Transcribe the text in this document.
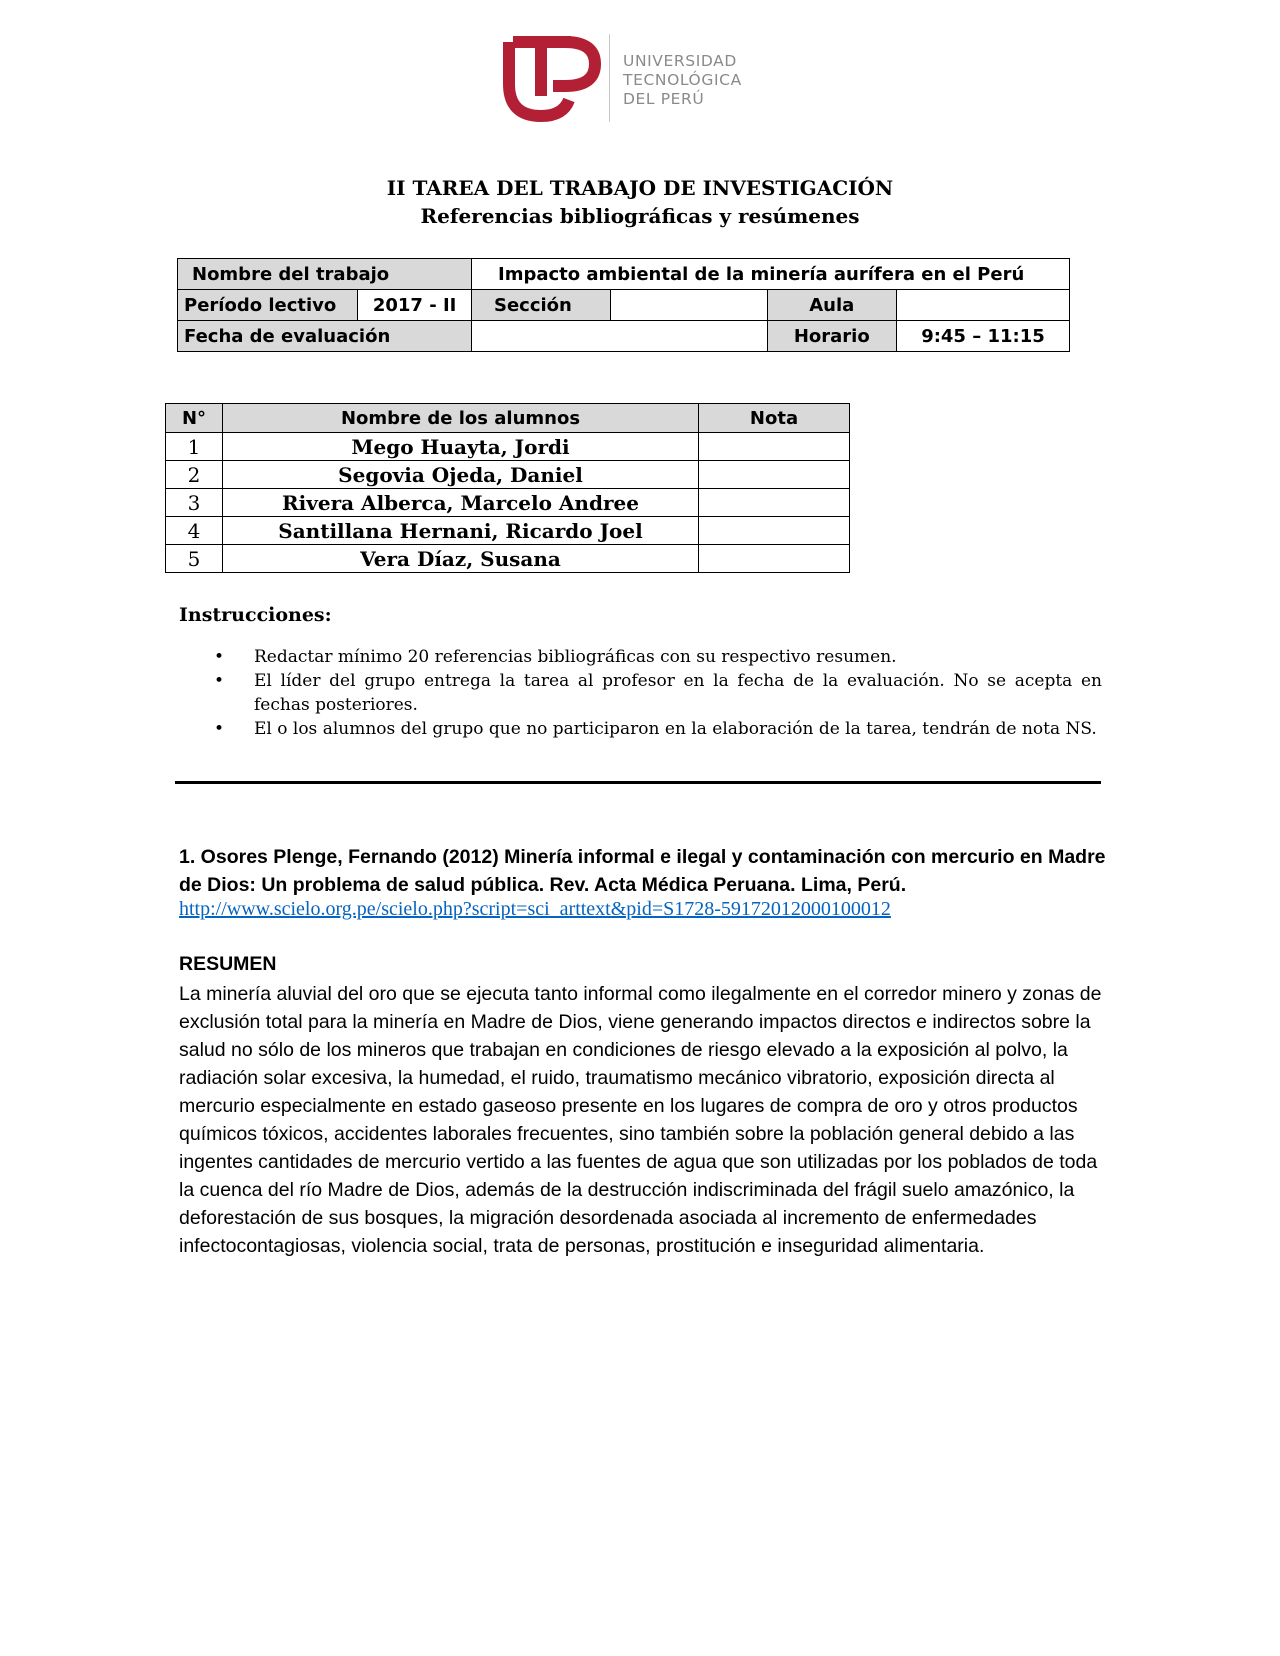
UNIVERSIDAD
TECNOLÓGICA
DEL PERÚ
II TAREA DEL TRABAJO DE INVESTIGACIÓN
Referencias bibliográficas y resúmenes
Nombre del trabajo		Impacto ambiental de la minería aurífera en el Perú			
Período lectivo	2017 - II	Sección		Aula	
Fecha de evaluación				Horario	9:45 – 11:15
N°	Nombre de los alumnos	Nota
1	Mego Huayta, Jordi	
2	Segovia Ojeda, Daniel	
3	Rivera Alberca, Marcelo Andree	
4	Santillana Hernani, Ricardo Joel	
5	Vera Díaz, Susana	
Instrucciones:
• Redactar mínimo 20 referencias bibliográficas con su respectivo resumen.
• El líder del grupo entrega la tarea al profesor en la fecha de la evaluación. No se acepta en fechas posteriores.
• El o los alumnos del grupo que no participaron en la elaboración de la tarea, tendrán de nota NS.
1. Osores Plenge, Fernando (2012) Minería informal e ilegal y contaminación con mercurio en Madre de Dios: Un problema de salud pública. Rev. Acta Médica Peruana. Lima, Perú.
http://www.scielo.org.pe/scielo.php?script=sci_arttext&pid=S1728-59172012000100012
RESUMEN
La minería aluvial del oro que se ejecuta tanto informal como ilegalmente en el corredor minero y zonas de exclusión total para la minería en Madre de Dios, viene generando impactos directos e indirectos sobre la salud no sólo de los mineros que trabajan en condiciones de riesgo elevado a la exposición al polvo, la radiación solar excesiva, la humedad, el ruido, traumatismo mecánico vibratorio, exposición directa al mercurio especialmente en estado gaseoso presente en los lugares de compra de oro y otros productos químicos tóxicos, accidentes laborales frecuentes, sino también sobre la población general debido a las ingentes cantidades de mercurio vertido a las fuentes de agua que son utilizadas por los poblados de toda la cuenca del río Madre de Dios, además de la destrucción indiscriminada del frágil suelo amazónico, la deforestación de sus bosques, la migración desordenada asociada al incremento de enfermedades infectocontagiosas, violencia social, trata de personas, prostitución e inseguridad alimentaria.
